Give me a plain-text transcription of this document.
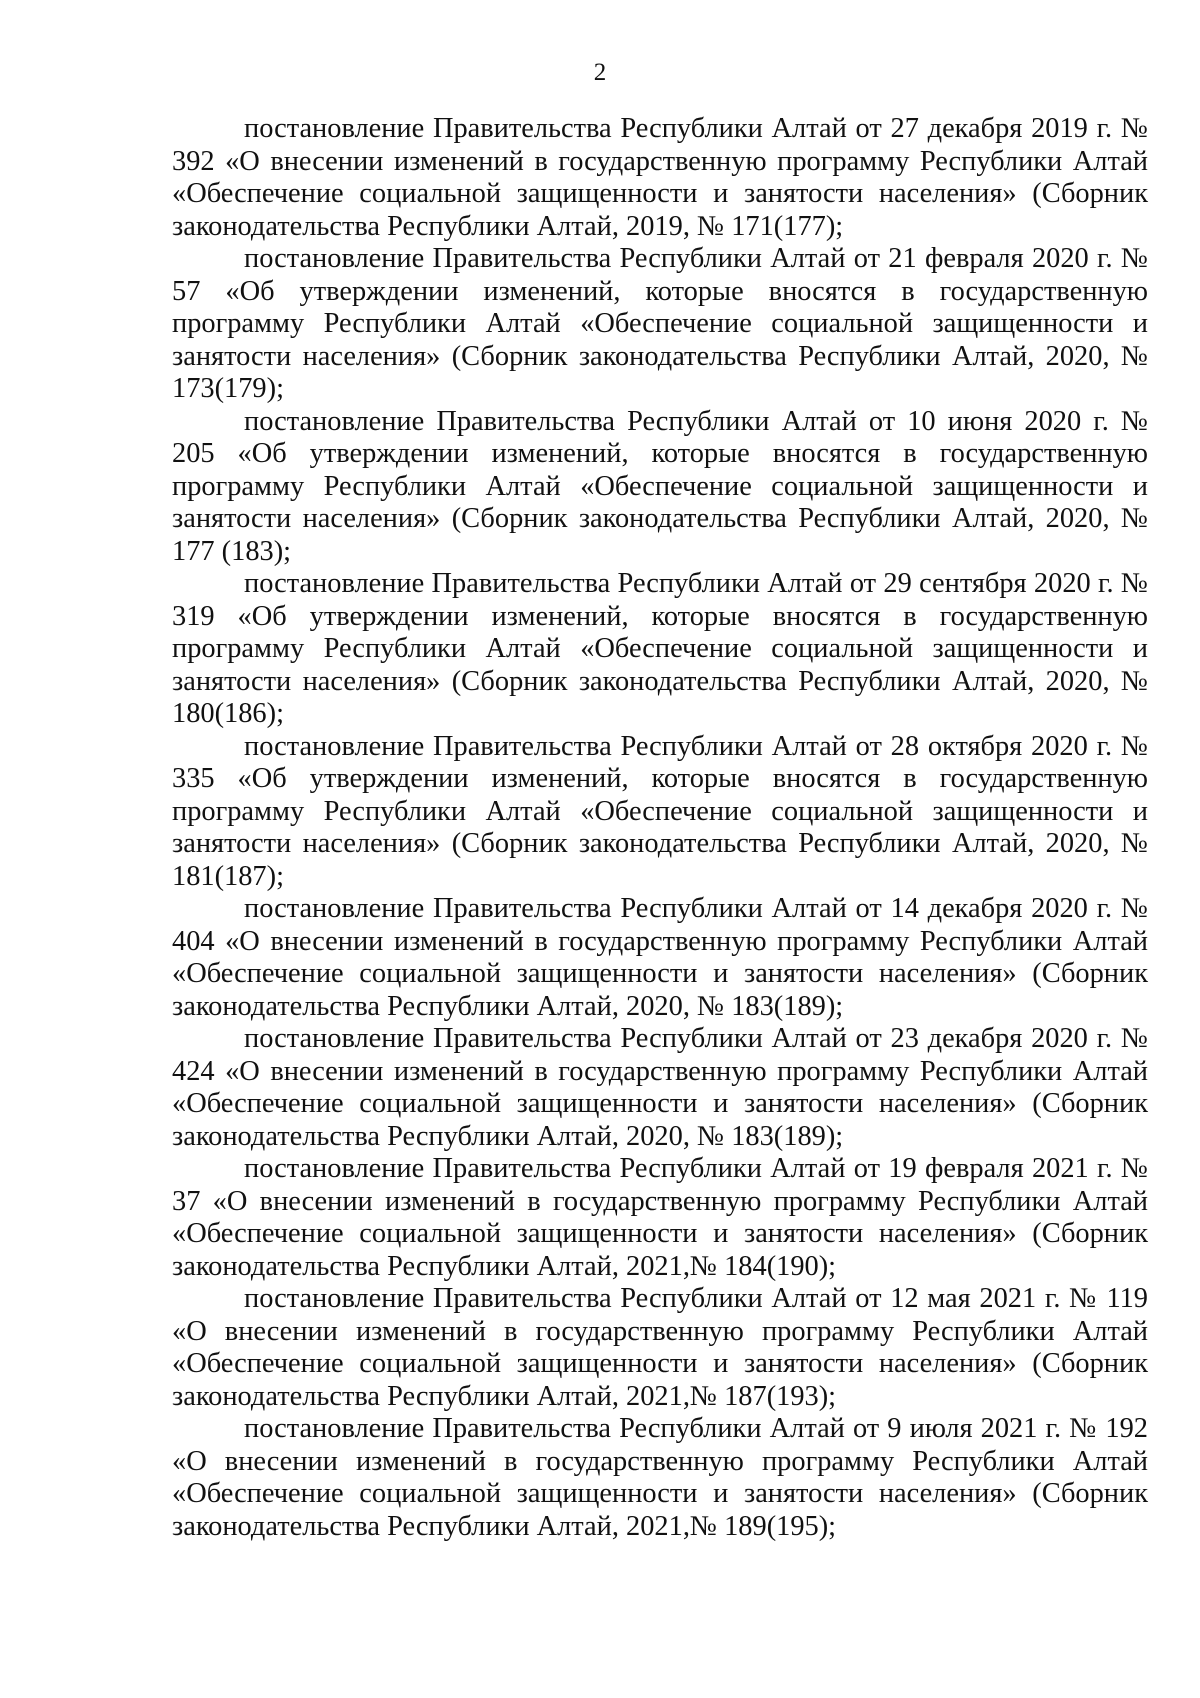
2

постановление Правительства Республики Алтай от 27 декабря 2019 г. № 392 «О внесении изменений в государственную программу Республики Алтай «Обеспечение социальной защищенности и занятости населения» (Сборник законодательства Республики Алтай, 2019, № 171(177);

постановление Правительства Республики Алтай от 21 февраля 2020 г. № 57 «Об утверждении изменений, которые вносятся в государственную программу Республики Алтай «Обеспечение социальной защищенности и занятости населения» (Сборник законодательства Республики Алтай, 2020, № 173(179);

постановление Правительства Республики Алтай от 10 июня 2020 г. № 205 «Об утверждении изменений, которые вносятся в государственную программу Республики Алтай «Обеспечение социальной защищенности и занятости населения» (Сборник законодательства Республики Алтай, 2020, № 177 (183);

постановление Правительства Республики Алтай от 29 сентября 2020 г. № 319 «Об утверждении изменений, которые вносятся в государственную программу Республики Алтай «Обеспечение социальной защищенности и занятости населения» (Сборник законодательства Республики Алтай, 2020, № 180(186);

постановление Правительства Республики Алтай от 28 октября 2020 г. № 335 «Об утверждении изменений, которые вносятся в государственную программу Республики Алтай «Обеспечение социальной защищенности и занятости населения» (Сборник законодательства Республики Алтай, 2020, № 181(187);

постановление Правительства Республики Алтай от 14 декабря 2020 г. № 404 «О внесении изменений в государственную программу Республики Алтай «Обеспечение социальной защищенности и занятости населения» (Сборник законодательства Республики Алтай, 2020, № 183(189);

постановление Правительства Республики Алтай от 23 декабря 2020 г. № 424 «О внесении изменений в государственную программу Республики Алтай «Обеспечение социальной защищенности и занятости населения» (Сборник законодательства Республики Алтай, 2020, № 183(189);

постановление Правительства Республики Алтай от 19 февраля 2021 г. № 37 «О внесении изменений в государственную программу Республики Алтай «Обеспечение социальной защищенности и занятости населения» (Сборник законодательства Республики Алтай, 2021,№ 184(190);

постановление Правительства Республики Алтай от 12 мая 2021 г. № 119 «О внесении изменений в государственную программу Республики Алтай «Обеспечение социальной защищенности и занятости населения» (Сборник законодательства Республики Алтай, 2021,№ 187(193);

постановление Правительства Республики Алтай от 9 июля 2021 г. № 192 «О внесении изменений в государственную программу Республики Алтай «Обеспечение социальной защищенности и занятости населения» (Сборник законодательства Республики Алтай, 2021,№ 189(195);
